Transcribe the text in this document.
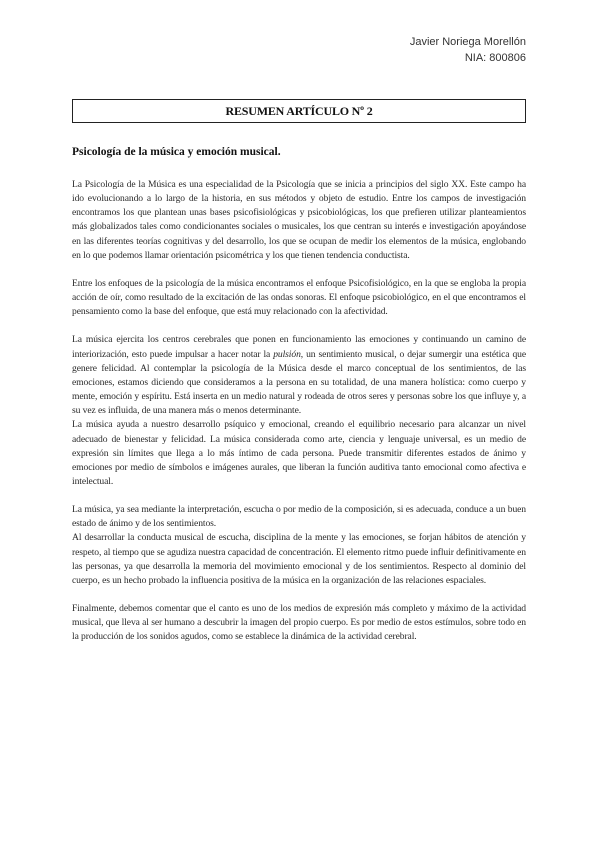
Javier Noriega Morellón
NIA: 800806
RESUMEN ARTÍCULO Nº 2
Psicología de la música y emoción musical.

La Psicología de la Música es una especialidad de la Psicología que se inicia a principios del siglo XX. Este campo ha ido evolucionando a lo largo de la historia, en sus métodos y objeto de estudio. Entre los campos de investigación encontramos los que plantean unas bases psicofisiológicas y psicobiológicas, los que prefieren utilizar planteamientos más globalizados tales como condicionantes sociales o musicales, los que centran su interés e investigación apoyándose en las diferentes teorías cognitivas y del desarrollo, los que se ocupan de medir los elementos de la música, englobando en lo que podemos llamar orientación psicométrica y los que tienen tendencia conductista.

Entre los enfoques de la psicología de la música encontramos el enfoque Psicofisiológico, en la que se engloba la propia acción de oír, como resultado de la excitación de las ondas sonoras. El enfoque psicobiológico, en el que encontramos el pensamiento como la base del enfoque, que está muy relacionado con la afectividad.

La música ejercita los centros cerebrales que ponen en funcionamiento las emociones y continuando un camino de interiorización, esto puede impulsar a hacer notar la pulsión, un sentimiento musical, o dejar sumergir una estética que genere felicidad. Al contemplar la psicología de la Música desde el marco conceptual de los sentimientos, de las emociones, estamos diciendo que consideramos a la persona en su totalidad, de una manera holística: como cuerpo y mente, emoción y espíritu. Está inserta en un medio natural y rodeada de otros seres y personas sobre los que influye y, a su vez es influida, de una manera más o menos determinante.

La música ayuda a nuestro desarrollo psíquico y emocional, creando el equilibrio necesario para alcanzar un nivel adecuado de bienestar y felicidad. La música considerada como arte, ciencia y lenguaje universal, es un medio de expresión sin límites que llega a lo más íntimo de cada persona. Puede transmitir diferentes estados de ánimo y emociones por medio de símbolos e imágenes aurales, que liberan la función auditiva tanto emocional como afectiva e intelectual.

La música, ya sea mediante la interpretación, escucha o por medio de la composición, si es adecuada, conduce a un buen estado de ánimo y de los sentimientos.

Al desarrollar la conducta musical de escucha, disciplina de la mente y las emociones, se forjan hábitos de atención y respeto, al tiempo que se agudiza nuestra capacidad de concentración. El elemento ritmo puede influir definitivamente en las personas, ya que desarrolla la memoria del movimiento emocional y de los sentimientos. Respecto al dominio del cuerpo, es un hecho probado la influencia positiva de la música en la organización de las relaciones espaciales.

Finalmente, debemos comentar que el canto es uno de los medios de expresión más completo y máximo de la actividad musical, que lleva al ser humano a descubrir la imagen del propio cuerpo. Es por medio de estos estímulos, sobre todo en la producción de los sonidos agudos, como se establece la dinámica de la actividad cerebral.
